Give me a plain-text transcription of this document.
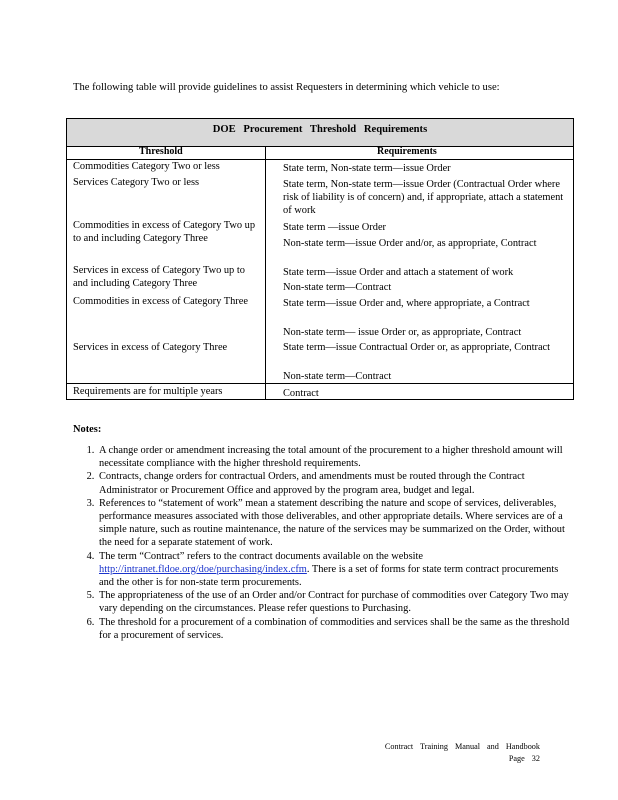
The following table will provide guidelines to assist Requesters in determining which vehicle to use:
DOE Procurement Threshold Requirements
Threshold	Requirements
Commodities Category Two or less
Services Category Two or less
Commodities in excess of Category Two up to and including Category Three
Services in excess of Category Two up to and including Category Three
Commodities in excess of Category Three
Services in excess of Category Three
Requirements are for multiple years
State term, Non-state term—issue Order
State term, Non-state term—issue Order (Contractual Order where risk of liability is of concern) and, if appropriate, attach a statement of work
State term —issue Order
Non-state term—issue Order and/or, as appropriate, Contract
State term—issue Order and attach a statement of work
Non-state term—Contract
State term—issue Order and, where appropriate, a Contract
Non-state term— issue Order or, as appropriate, Contract
State term—issue Contractual Order or, as appropriate, Contract
Non-state term—Contract
Contract
Notes:
1. A change order or amendment increasing the total amount of the procurement to a higher threshold amount will necessitate compliance with the higher threshold requirements.
2. Contracts, change orders for contractual Orders, and amendments must be routed through the Contract Administrator or Procurement Office and approved by the program area, budget and legal.
3. References to “statement of work” mean a statement describing the nature and scope of services, deliverables, performance measures associated with those deliverables, and other appropriate details. Where services are of a simple nature, such as routine maintenance, the nature of the services may be summarized on the Order, without the need for a separate statement of work.
4. The term “Contract” refers to the contract documents available on the website http://intranet.fldoe.org/doe/purchasing/index.cfm. There is a set of forms for state term contract procurements and the other is for non-state term procurements.
5. The appropriateness of the use of an Order and/or Contract for purchase of commodities over Category Two may vary depending on the circumstances. Please refer questions to Purchasing.
6. The threshold for a procurement of a combination of commodities and services shall be the same as the threshold for a procurement of services.
Contract Training Manual and Handbook
Page 32
